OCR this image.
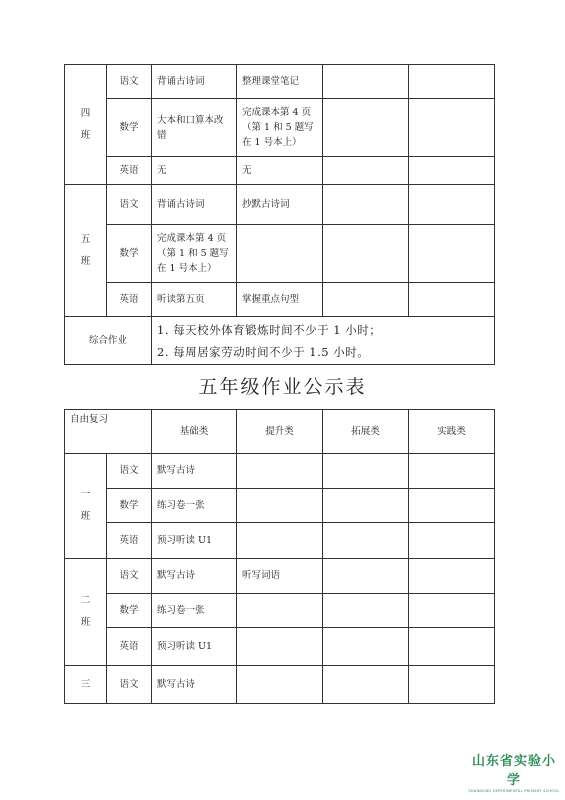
四
班	语文	背诵古诗词	整理课堂笔记		
	数学	大本和口算本改错	完成课本第 4 页（第 1 和 5 题写在 1 号本上）		
	英语	无	无		
五
班	语文	背诵古诗词	抄默古诗词		
	数学	完成课本第 4 页（第 1 和 5 题写在 1 号本上）			
	英语	听读第五页	掌握重点句型		
综合作业		1. 每天校外体育锻炼时间不少于 1 小时；
2. 每周居家劳动时间不少于 1.5 小时。			
五年级作业公示表
自由复习		基础类	提升类	拓展类	实践类
一
班	语文	默写古诗			
	数学	练习卷一张			
	英语	预习听读 U1			
二
班	语文	默写古诗	听写词语		
	数学	练习卷一张			
	英语	预习听读 U1			
三	语文	默写古诗			
山东省实验小学
SHANDONG EXPERIMENTAL PRIMARY SCHOOL
